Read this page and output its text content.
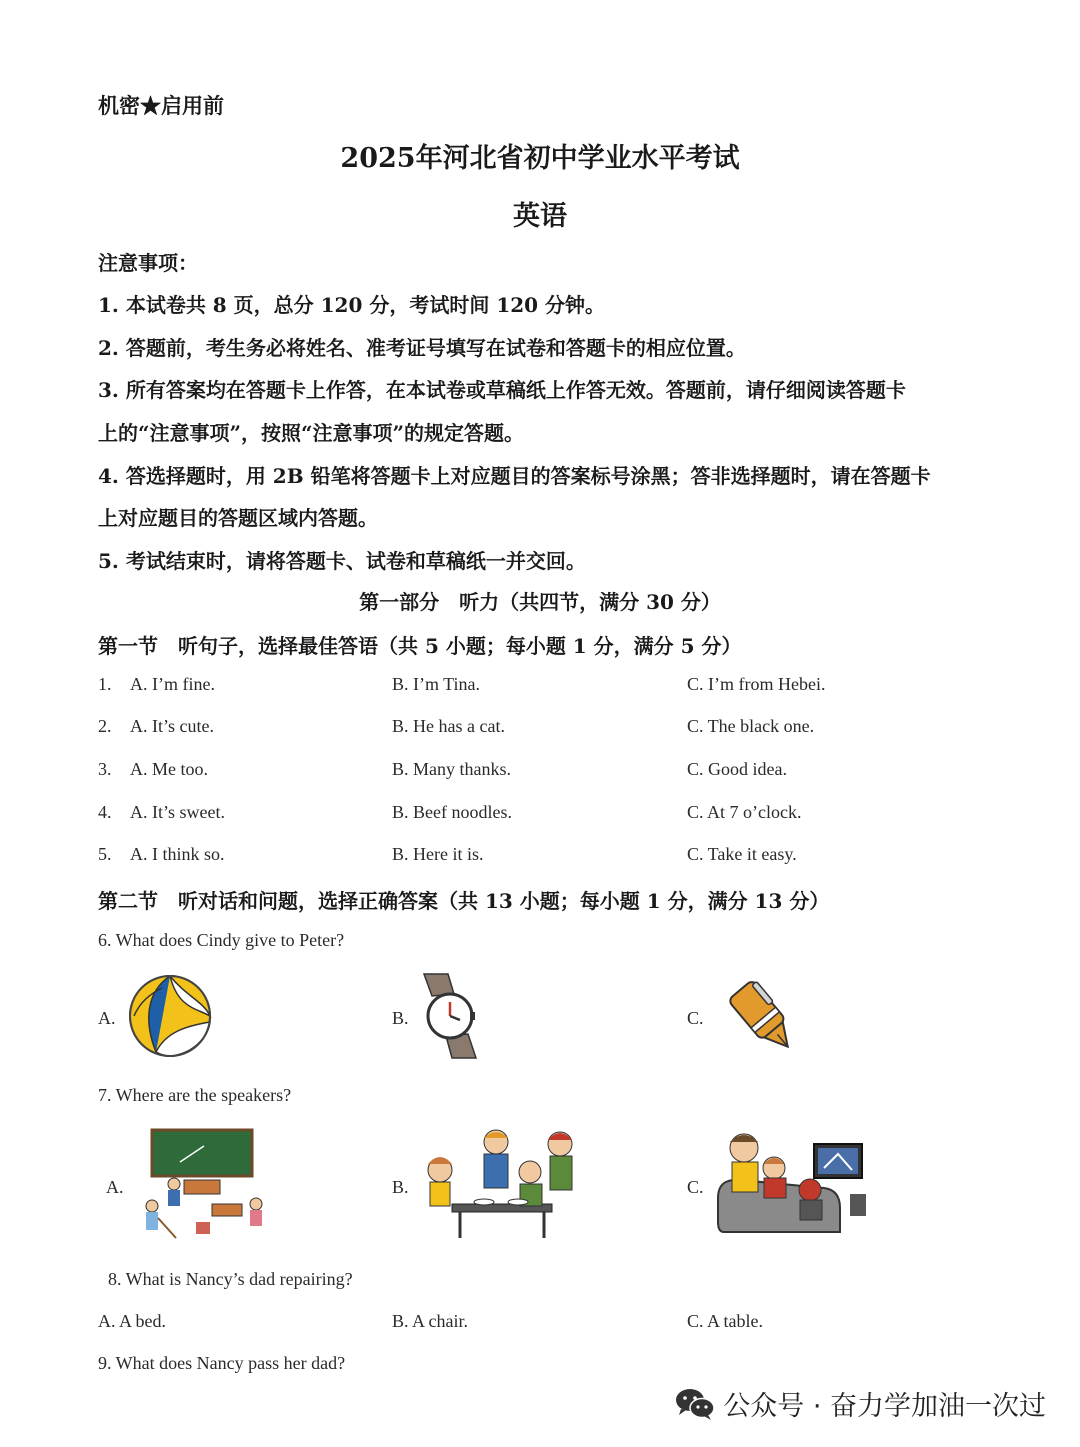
机密★启用前
2025年河北省初中学业水平考试
英语
注意事项：
1. 本试卷共 8 页，总分 120 分，考试时间 120 分钟。
2. 答题前，考生务必将姓名、准考证号填写在试卷和答题卡的相应位置。
3. 所有答案均在答题卡上作答，在本试卷或草稿纸上作答无效。答题前，请仔细阅读答题卡
上的“注意事项”，按照“注意事项”的规定答题。
4. 答选择题时，用 2B 铅笔将答题卡上对应题目的答案标号涂黑；答非选择题时，请在答题卡
上对应题目的答题区域内答题。
5. 考试结束时，请将答题卡、试卷和草稿纸一并交回。
第一部分　听力（共四节，满分 30 分）
第一节　听句子，选择最佳答语（共 5 小题；每小题 1 分，满分 5 分）
1. A. I’m fine.	B. I’m Tina.	C. I’m from Hebei.
2. A. It’s cute.	B. He has a cat.	C. The black one.
3. A. Me too.	B. Many thanks.	C. Good idea.
4. A. It’s sweet.	B. Beef noodles.	C. At 7 o’clock.
5. A. I think so.	B. Here it is.	C. Take it easy.
第二节　听对话和问题，选择正确答案（共 13 小题；每小题 1 分，满分 13 分）
6. What does Cindy give to Peter?
A.	B.	C.
7. Where are the speakers?
A.	B.	C.
8. What is Nancy’s dad repairing?
A. A bed.	B. A chair.	C. A table.
9. What does Nancy pass her dad?
公众号 · 奋力学加油一次过
